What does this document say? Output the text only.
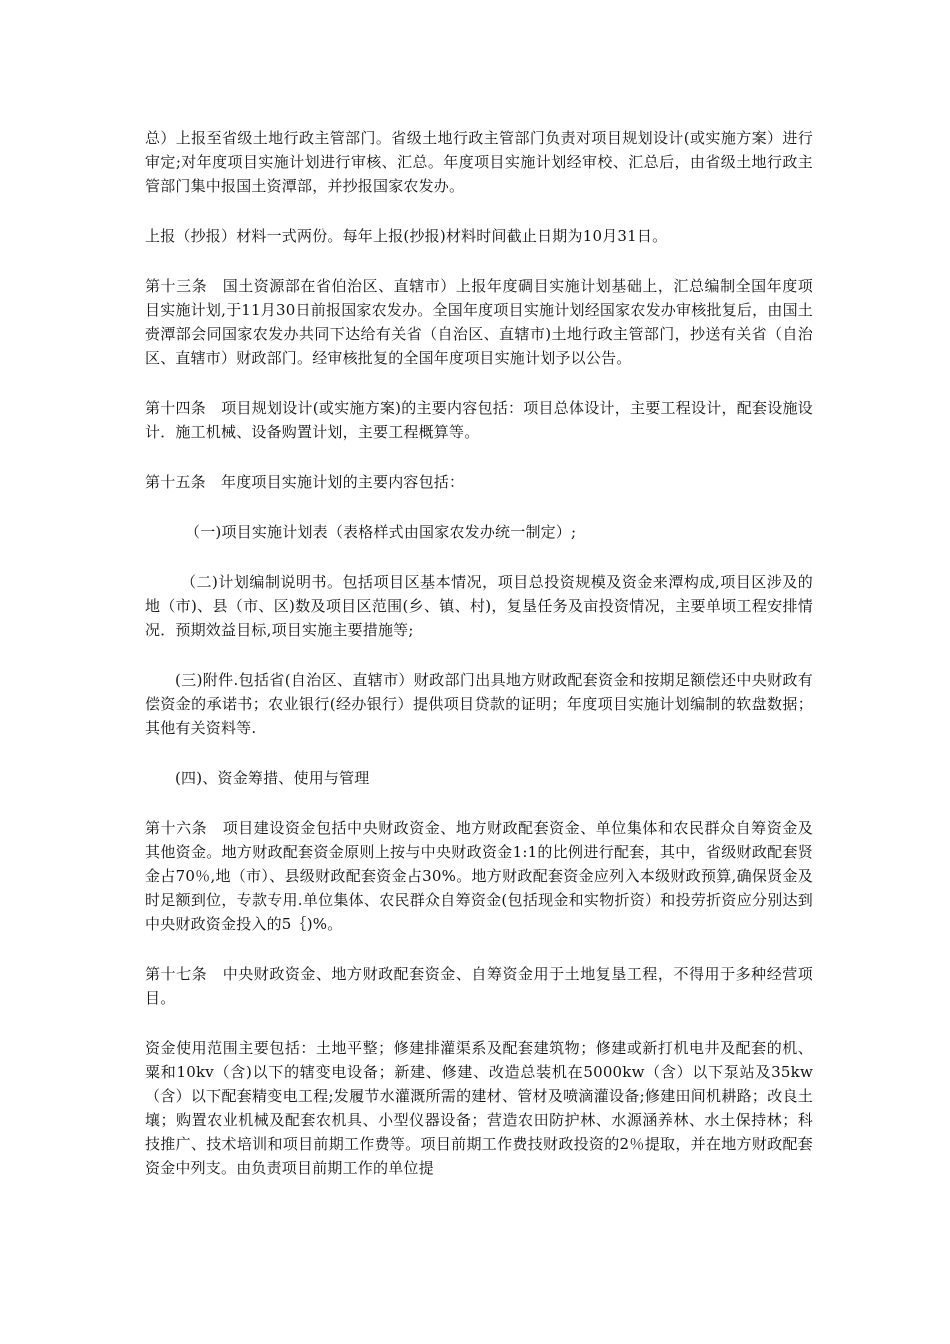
总）上报至省级土地行政主管部门。省级土地行政主管部门负责对项目规划设计(或实施方案）进行审定;对年度项目实施计划进行审核、汇总。年度项目实施计划经审校、汇总后，由省级土地行政主管部门集中报国土资潭部，并抄报国家农发办。

上报（抄报）材料一式两份。每年上报(抄报)材料时间截止日期为10月31日。

第十三条　国土资源部在省伯治区、直辖市）上报年度碉目实施计划基础上，汇总编制全国年度项目实施计划,于11月30日前报国家农发办。全国年度项目实施计划经国家农发办审核批复后，由国土赍潭部会同国家农发办共同下达给有关省（自治区、直辖市)土地行政主管部门，抄送有关省（自治区、直辖市）财政部门。经审核批复的全国年度项目实施计划予以公告。

第十四条　项目规划设计(或实施方案)的主要内容包括：项目总体设计，主要工程设计，配套设施设计．施工机械、设备购置计划，主要工程概算等。

第十五条　年度项目实施计划的主要内容包括：

（一)项目实施计划表（表格样式由国家农发办统一制定）;

（二)计划编制说明书。包括项目区基本情况，项目总投资规模及资金来潭构成,项目区涉及的地（市)、县（市、区)数及项目区范围(乡、镇、村)，复垦任务及亩投资情况，主要单顷工程安排情况．预期效益目标,项目实施主要措施等;

(三)附件.包括省(自治区、直辖市）财政部门出具地方财政配套资金和按期足额偿还中央财政有偿资金的承诺书；农业银行(经办银行）提供项目贷款的证明；年度项目实施计划编制的软盘数据；其他有关资料等.

(四)、资金筹措、使用与管理

第十六条　项目建设资金包括中央财政资金、地方财政配套资金、单位集体和农民群众自筹资金及其他资金。地方财政配套资金原则上按与中央财政资金1:1的比例进行配套，其中，省级财政配套贤金占70％,地（市）、县级财政配套资金占30%。地方财政配套资金应列入本级财政预算,确保贤金及时足额到位，专款专用.单位集体、农民群众自筹资金(包括现金和实物折资）和投劳折资应分别达到中央财政资金投入的5｛)%。

第十七条　中央财政资金、地方财政配套资金、自筹资金用于土地复垦工程，不得用于多种经营项目。

资金使用范围主要包括：土地平整；修建排灌渠系及配套建筑物；修建或新打机电井及配套的机、粟和10kv（含)以下的辖变电设备；新建、修建、改造总装机在5000kw（含）以下泵站及35kw（含）以下配套精变电工程;发履节水灌溉所需的建材、管材及喷滴灌设备;修建田间机耕路；改良土壤；购置农业机械及配套农机具、小型仪器设备；营造农田防护林、水源涵养林、水土保持林；科技推广、技术培训和项目前期工作费等。项目前期工作费技财政投资的2％提取，并在地方财政配套资金中列支。由负责项目前期工作的单位提
